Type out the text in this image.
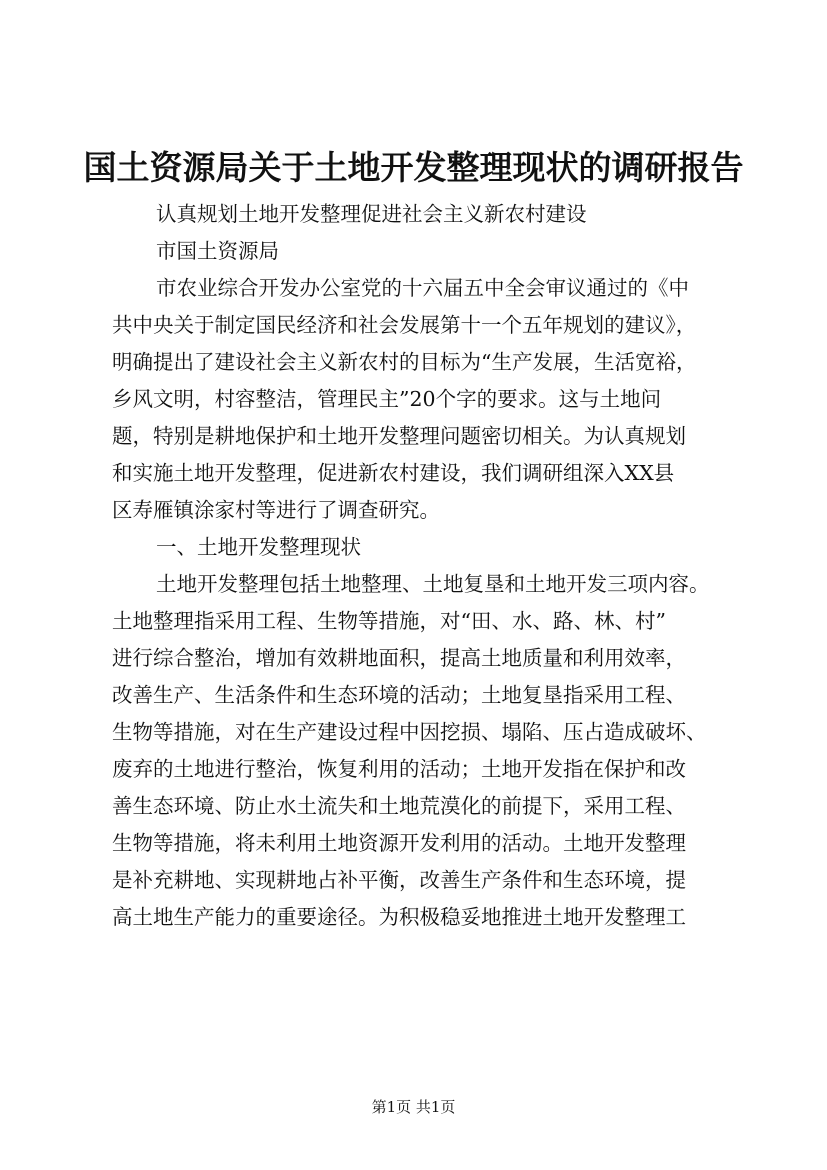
国土资源局关于土地开发整理现状的调研报告
认真规划土地开发整理促进社会主义新农村建设
市国土资源局
市农业综合开发办公室党的十六届五中全会审议通过的《中
共中央关于制定国民经济和社会发展第十一个五年规划的建议》，
明确提出了建设社会主义新农村的目标为“生产发展，生活宽裕，
乡风文明，村容整洁，管理民主”20个字的要求。这与土地问
题，特别是耕地保护和土地开发整理问题密切相关。为认真规划
和实施土地开发整理，促进新农村建设，我们调研组深入XX县
区寿雁镇涂家村等进行了调查研究。
一、土地开发整理现状
土地开发整理包括土地整理、土地复垦和土地开发三项内容。
土地整理指采用工程、生物等措施，对“田、水、路、林、村”
进行综合整治，增加有效耕地面积，提高土地质量和利用效率，
改善生产、生活条件和生态环境的活动；土地复垦指采用工程、
生物等措施，对在生产建设过程中因挖损、塌陷、压占造成破坏、
废弃的土地进行整治，恢复利用的活动；土地开发指在保护和改
善生态环境、防止水土流失和土地荒漠化的前提下，采用工程、
生物等措施，将未利用土地资源开发利用的活动。土地开发整理
是补充耕地、实现耕地占补平衡，改善生产条件和生态环境，提
高土地生产能力的重要途径。为积极稳妥地推进土地开发整理工
第1页 共1页
